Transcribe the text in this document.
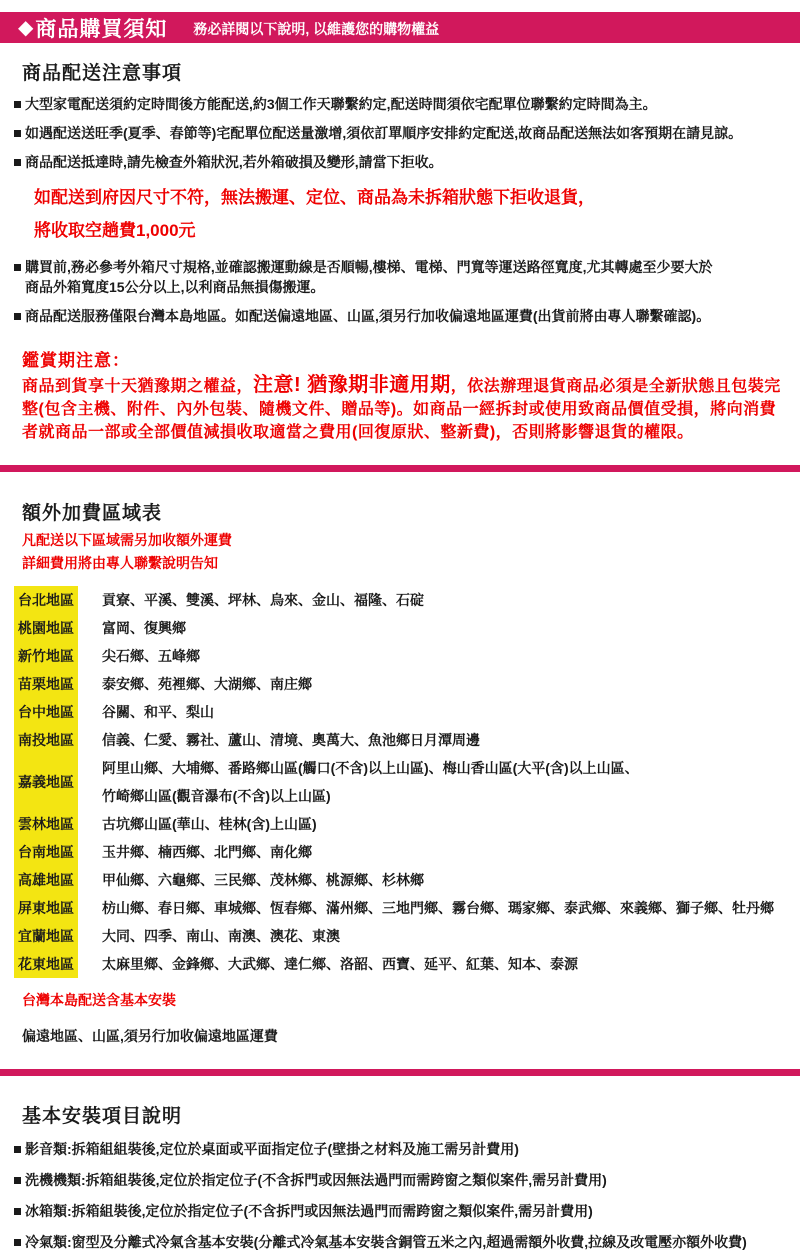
◆ 商品購買須知 務必詳閱以下說明, 以維護您的購物權益
商品配送注意事項
大型家電配送須約定時間後方能配送,約3個工作天聯繫約定,配送時間須依宅配單位聯繫約定時間為主。
如遇配送送旺季(夏季、春節等)宅配單位配送量激增,須依訂單順序安排約定配送,故商品配送無法如客預期在請見諒。
商品配送抵達時,請先檢查外箱狀況,若外箱破損及變形,請當下拒收。
如配送到府因尺寸不符，無法搬運、定位、商品為未拆箱狀態下拒收退貨，
將收取空趟費1,000元
購買前,務必參考外箱尺寸規格,並確認搬運動線是否順暢,樓梯、電梯、門寬等運送路徑寬度,尤其轉處至少要大於
商品外箱寬度15公分以上,以利商品無損傷搬運。
商品配送服務僅限台灣本島地區。如配送偏遠地區、山區,須另行加收偏遠地區運費(出貨前將由專人聯繫確認)。
鑑賞期注意：
商品到貨享十天猶豫期之權益，注意! 猶豫期非適用期，依法辦理退貨商品必須是全新狀態且包裝完整(包含主機、附件、內外包裝、隨機文件、贈品等)。如商品一經拆封或使用致商品價值受損，將向消費者就商品一部或全部價值減損收取適當之費用(回復原狀、整新費)，否則將影響退貨的權限。
額外加費區域表
凡配送以下區域需另加收額外運費
詳細費用將由專人聯繫說明告知
台北地區 貢寮、平溪、雙溪、坪林、烏來、金山、福隆、石碇
桃園地區 富岡、復興鄉
新竹地區 尖石鄉、五峰鄉
苗栗地區 泰安鄉、苑裡鄉、大湖鄉、南庄鄉
台中地區 谷關、和平、梨山
南投地區 信義、仁愛、霧社、蘆山、清境、奧萬大、魚池鄉日月潭周邊
嘉義地區
阿里山鄉、大埔鄉、番路鄉山區(觸口(不含)以上山區)、梅山香山區(大平(含)以上山區、
竹崎鄉山區(觀音瀑布(不含)以上山區)
雲林地區 古坑鄉山區(華山、桂林(含)上山區)
台南地區 玉井鄉、楠西鄉、北門鄉、南化鄉
高雄地區 甲仙鄉、六龜鄉、三民鄉、茂林鄉、桃源鄉、杉林鄉
屏東地區 枋山鄉、春日鄉、車城鄉、恆春鄉、滿州鄉、三地門鄉、霧台鄉、瑪家鄉、泰武鄉、來義鄉、獅子鄉、牡丹鄉
宜蘭地區 大同、四季、南山、南澳、澳花、東澳
花東地區 太麻里鄉、金鋒鄉、大武鄉、達仁鄉、洛韶、西寶、延平、紅葉、知本、泰源
台灣本島配送含基本安裝
偏遠地區、山區,須另行加收偏遠地區運費
基本安裝項目說明
影音類:拆箱組組裝後,定位於桌面或平面指定位子(壁掛之材料及施工需另計費用)
洗機機類:拆箱組裝後,定位於指定位子(不含拆門或因無法過門而需跨窗之類似案件,需另計費用)
冰箱類:拆箱組裝後,定位於指定位子(不含拆門或因無法過門而需跨窗之類似案件,需另計費用)
冷氣類:窗型及分離式冷氣含基本安裝(分離式冷氣基本安裝含銅管五米之內,超過需額外收費,拉線及改電壓亦額外收費)
